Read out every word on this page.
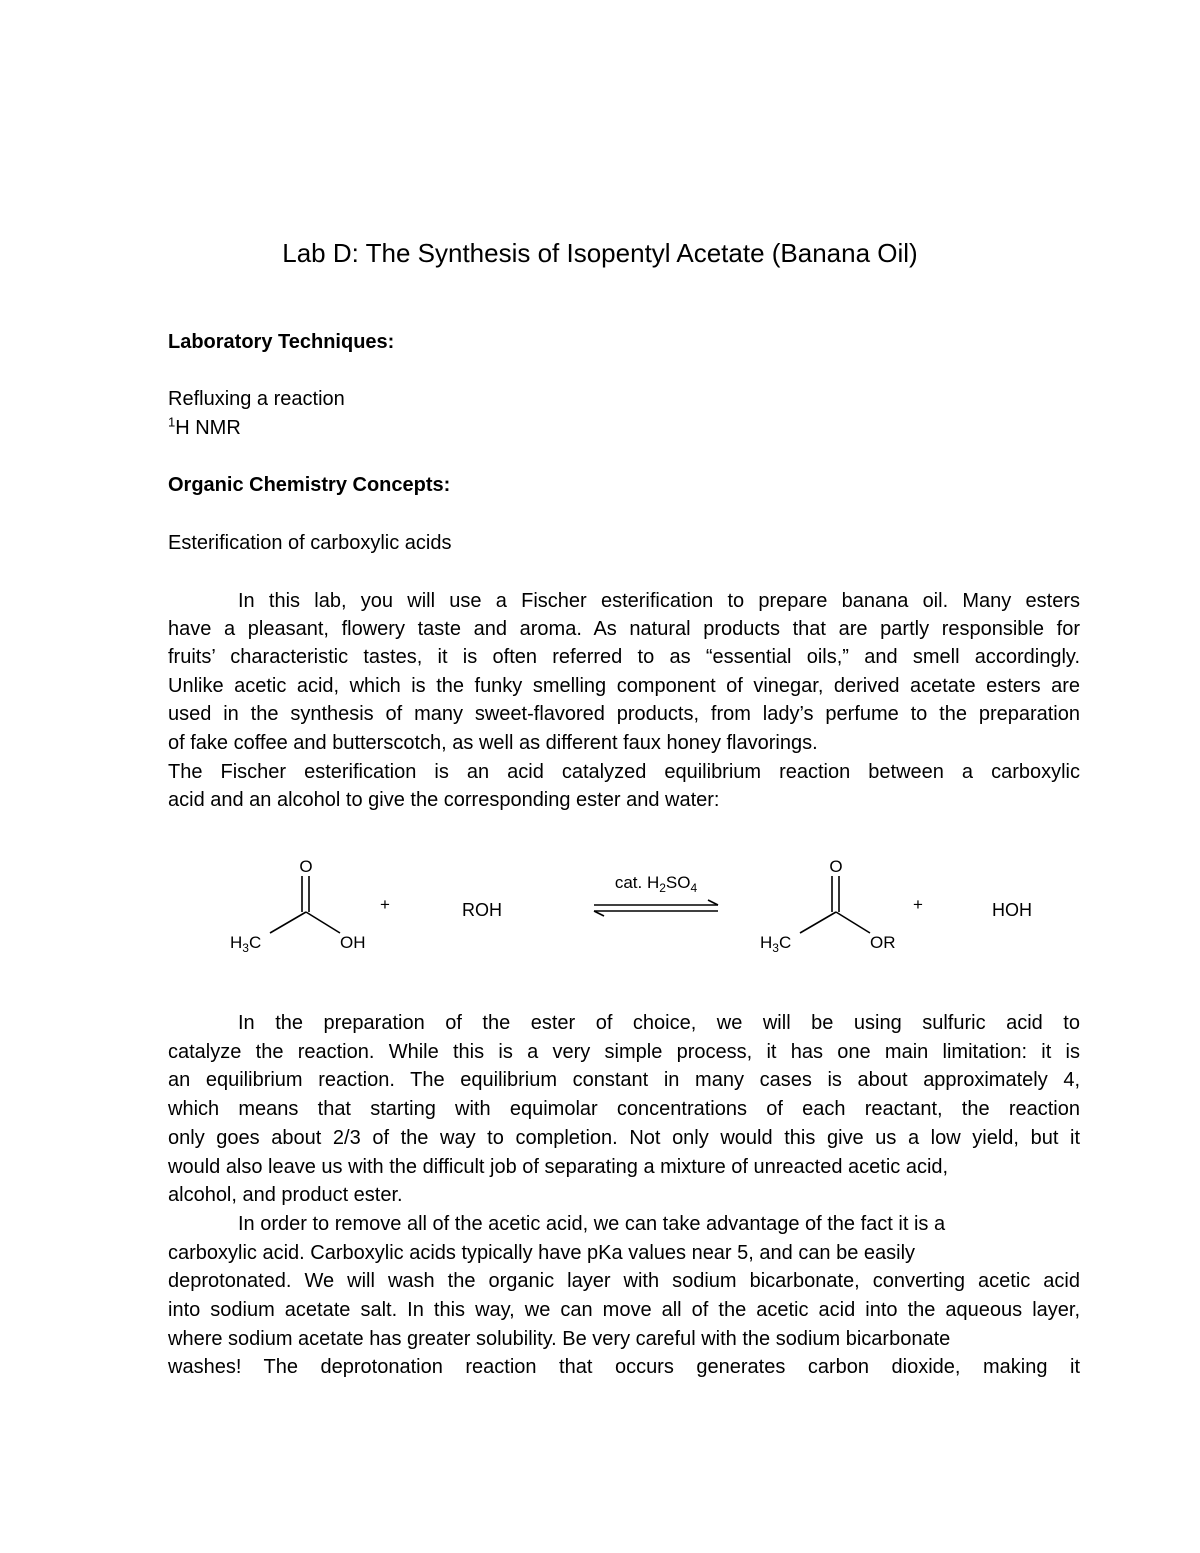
Lab D: The Synthesis of Isopentyl Acetate (Banana Oil)
Laboratory Techniques:
Refluxing a reaction
$^1$H NMR
Organic Chemistry Concepts:
Esterification of carboxylic acids
In this lab, you will use a Fischer esterification to prepare banana oil. Many esters
have a pleasant, flowery taste and aroma. As natural products that are partly responsible for
fruits’ characteristic tastes, it is often referred to as “essential oils,” and smell accordingly.
Unlike acetic acid, which is the funky smelling component of vinegar, derived acetate esters are
used in the synthesis of many sweet-flavored products, from lady’s perfume to the preparation
of fake coffee and butterscotch, as well as different faux honey flavorings.
The Fischer esterification is an acid catalyzed equilibrium reaction between a carboxylic
acid and an alcohol to give the corresponding ester and water:
O
$H_3C$	OH
+	ROH
cat. $H_2SO_4$
O
$H_3C$	OR
+	HOH
In the preparation of the ester of choice, we will be using sulfuric acid to
catalyze the reaction. While this is a very simple process, it has one main limitation: it is
an equilibrium reaction. The equilibrium constant in many cases is about approximately 4,
which means that starting with equimolar concentrations of each reactant, the reaction
only goes about 2/3 of the way to completion. Not only would this give us a low yield, but it
would also leave us with the difficult job of separating a mixture of unreacted acetic acid,
alcohol, and product ester.
In order to remove all of the acetic acid, we can take advantage of the fact it is a
carboxylic acid. Carboxylic acids typically have pKa values near 5, and can be easily
deprotonated. We will wash the organic layer with sodium bicarbonate, converting acetic acid
into sodium acetate salt. In this way, we can move all of the acetic acid into the aqueous layer,
where sodium acetate has greater solubility. Be very careful with the sodium bicarbonate
washes! The deprotonation reaction that occurs generates carbon dioxide, making it
